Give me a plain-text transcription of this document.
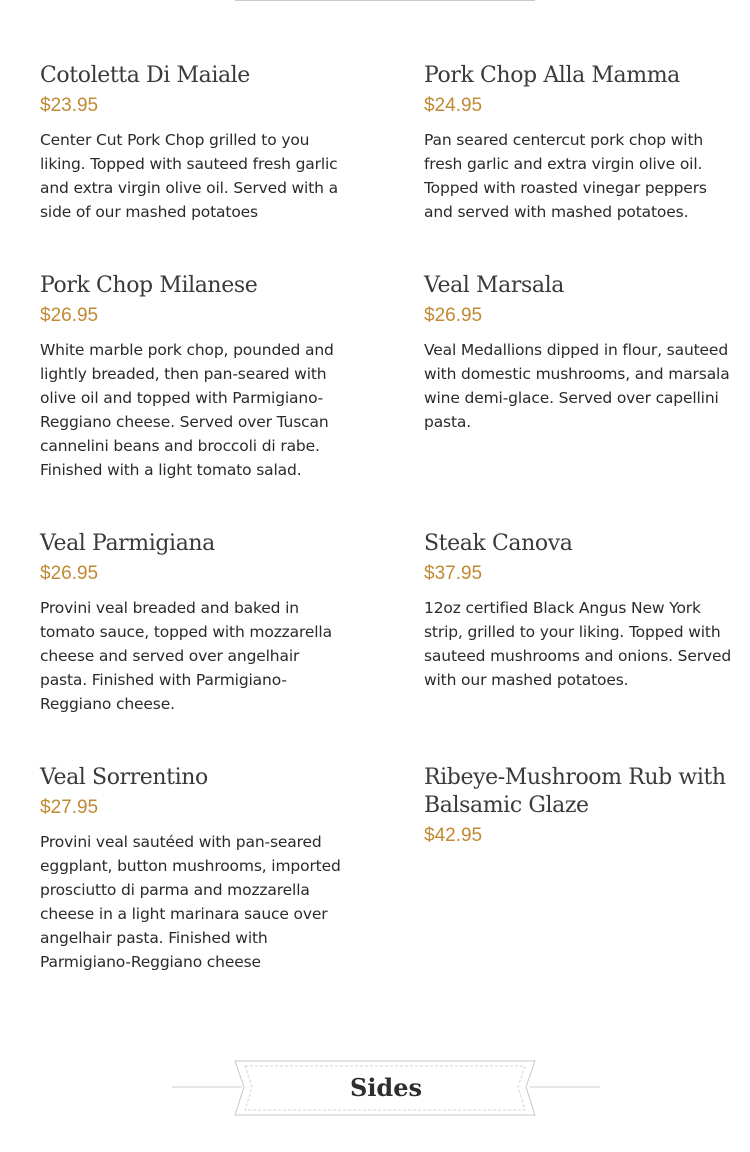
Cotoletta Di Maiale
$23.95
Center Cut Pork Chop grilled to you liking. Topped with sauteed fresh garlic and extra virgin olive oil. Served with a side of our mashed potatoes
Pork Chop Alla Mamma
$24.95
Pan seared centercut pork chop with fresh garlic and extra virgin olive oil. Topped with roasted vinegar peppers and served with mashed potatoes.
Pork Chop Milanese
$26.95
White marble pork chop, pounded and lightly breaded, then pan-seared with olive oil and topped with Parmigiano-Reggiano cheese. Served over Tuscan cannelini beans and broccoli di rabe. Finished with a light tomato salad.
Veal Marsala
$26.95
Veal Medallions dipped in flour, sauteed with domestic mushrooms, and marsala wine demi-glace. Served over capellini pasta.
Veal Parmigiana
$26.95
Provini veal breaded and baked in tomato sauce, topped with mozzarella cheese and served over angelhair pasta. Finished with Parmigiano-Reggiano cheese.
Steak Canova
$37.95
12oz certified Black Angus New York strip, grilled to your liking. Topped with sauteed mushrooms and onions. Served with our mashed potatoes.
Veal Sorrentino
$27.95
Provini veal sautéed with pan-seared eggplant, button mushrooms, imported prosciutto di parma and mozzarella cheese in a light marinara sauce over angelhair pasta. Finished with Parmigiano-Reggiano cheese
Ribeye-Mushroom Rub with Balsamic Glaze
$42.95
Sides
